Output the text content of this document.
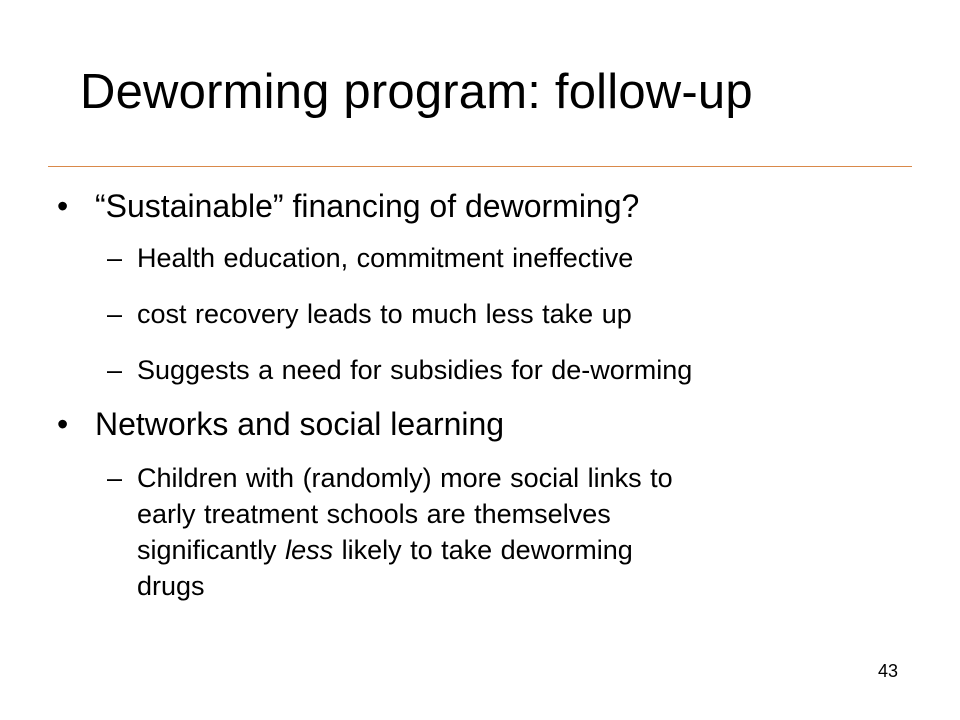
Deworming program: follow-up
• “Sustainable” financing of deworming?
– Health education, commitment ineffective
– cost recovery leads to much less take up
– Suggests a need for subsidies for de-worming
• Networks and social learning
– Children with (randomly) more social links to
early treatment schools are themselves
significantly less likely to take deworming
drugs
43
